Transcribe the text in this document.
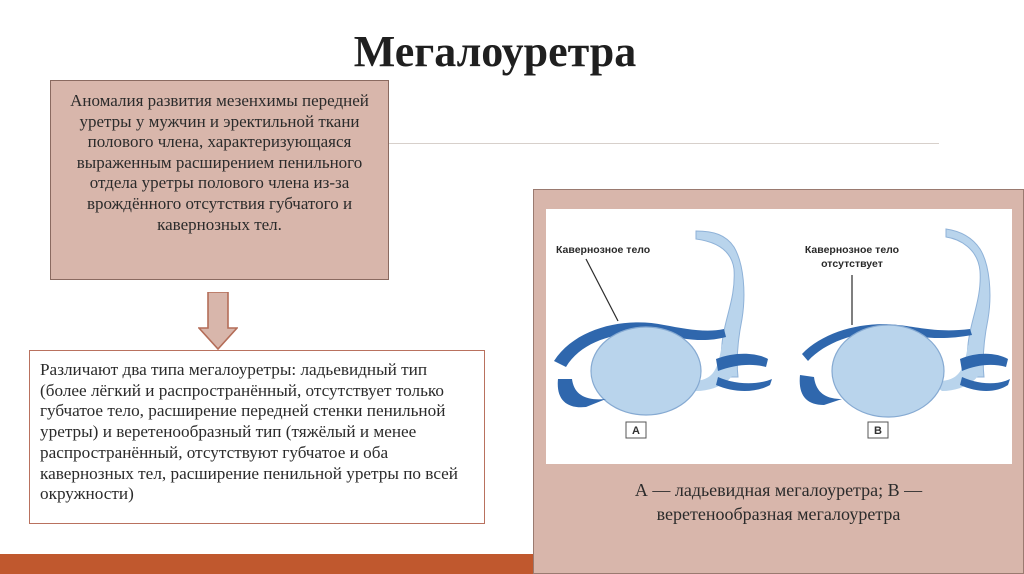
Мегалоуретра
Аномалия развития мезенхимы передней уретры у мужчин и эректильной ткани полового члена, характеризующаяся выраженным расширением пенильного отдела уретры полового члена из-за врождённого отсутствия губчатого и кавернозных тел.
Различают два типа мегалоуретры: ладьевидный тип (более лёгкий и распространённый, отсутствует только губчатое тело, расширение передней стенки пенильной уретры) и веретенообразный тип (тяжёлый и менее распространённый, отсутствуют губчатое и оба кавернозных тел, расширение пенильной уретры по всей окружности)
Кавернозное тело
A
Кавернозное тело
отсутствует
B
А — ладьевидная мегалоуретра; В —
веретенообразная мегалоуретра
